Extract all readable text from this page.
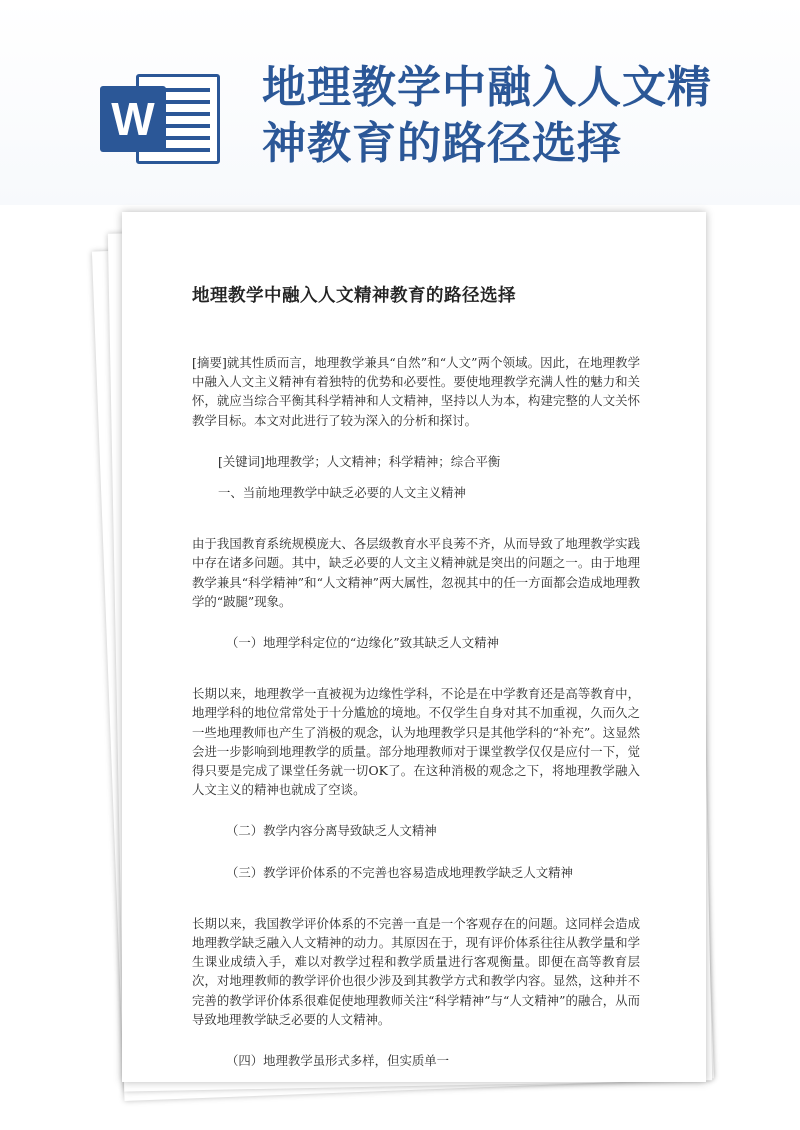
W
地理教学中融入人文精神教育的路径选择
地理教学中融入人文精神教育的路径选择

[摘要]就其性质而言，地理教学兼具“自然”和“人文”两个领域。因此，在地理教学中融入人文主义精神有着独特的优势和必要性。要使地理教学充满人性的魅力和关怀，就应当综合平衡其科学精神和人文精神，坚持以人为本，构建完整的人文关怀教学目标。本文对此进行了较为深入的分析和探讨。

[关键词]地理教学；人文精神；科学精神；综合平衡

一、当前地理教学中缺乏必要的人文主义精神

由于我国教育系统规模庞大、各层级教育水平良莠不齐，从而导致了地理教学实践中存在诸多问题。其中，缺乏必要的人文主义精神就是突出的问题之一。由于地理教学兼具“科学精神”和“人文精神”两大属性，忽视其中的任一方面都会造成地理教学的“跛腿”现象。

（一）地理学科定位的“边缘化”致其缺乏人文精神

长期以来，地理教学一直被视为边缘性学科，不论是在中学教育还是高等教育中，地理学科的地位常常处于十分尴尬的境地。不仅学生自身对其不加重视，久而久之一些地理教师也产生了消极的观念，认为地理教学只是其他学科的“补充”。这显然会进一步影响到地理教学的质量。部分地理教师对于课堂教学仅仅是应付一下，觉得只要是完成了课堂任务就一切OK了。在这种消极的观念之下，将地理教学融入人文主义的精神也就成了空谈。

（二）教学内容分离导致缺乏人文精神

（三）教学评价体系的不完善也容易造成地理教学缺乏人文精神

长期以来，我国教学评价体系的不完善一直是一个客观存在的问题。这同样会造成地理教学缺乏融入人文精神的动力。其原因在于，现有评价体系往往从教学量和学生课业成绩入手，难以对教学过程和教学质量进行客观衡量。即便在高等教育层次，对地理教师的教学评价也很少涉及到其教学方式和教学内容。显然，这种并不完善的教学评价体系很难促使地理教师关注“科学精神”与“人文精神”的融合，从而导致地理教学缺乏必要的人文精神。

（四）地理教学虽形式多样，但实质单一
